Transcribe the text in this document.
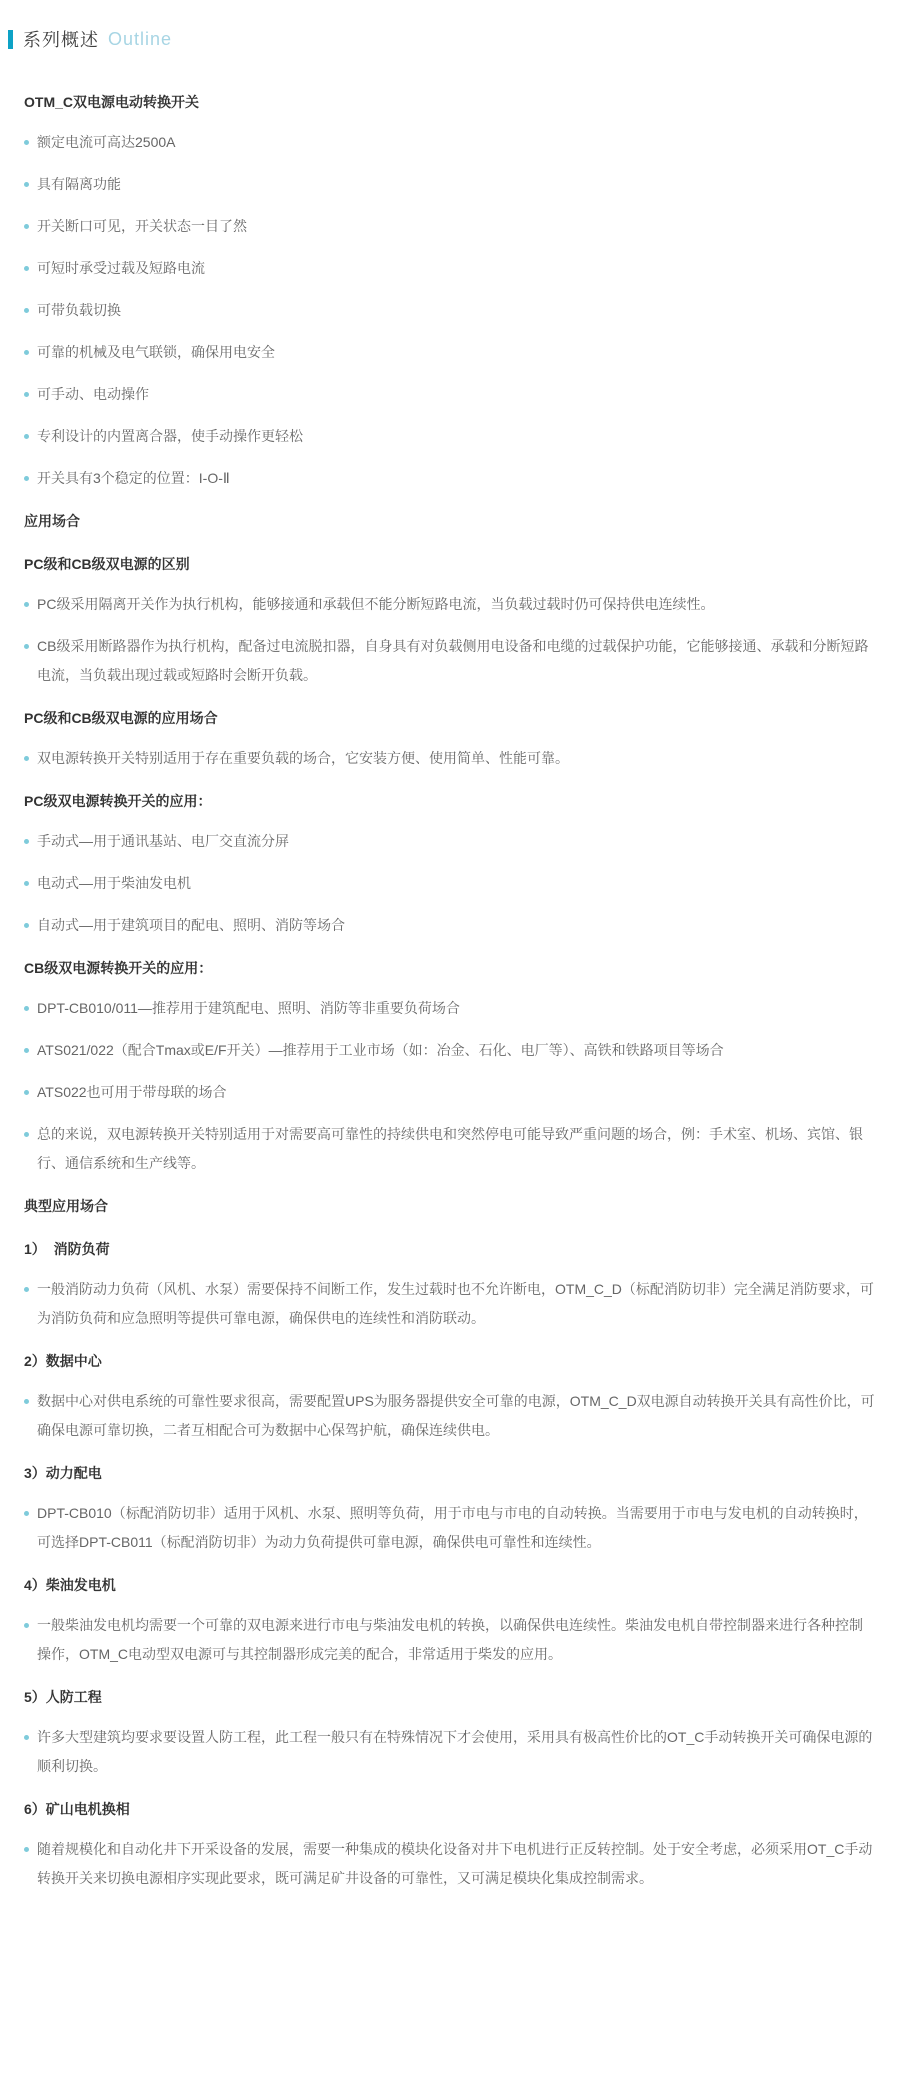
系列概述 Outline
OTM_C双电源电动转换开关
额定电流可高达2500A
具有隔离功能
开关断口可见，开关状态一目了然
可短时承受过载及短路电流
可带负载切换
可靠的机械及电气联锁，确保用电安全
可手动、电动操作
专利设计的内置离合器，使手动操作更轻松
开关具有3个稳定的位置：I-O-Ⅱ
应用场合
PC级和CB级双电源的区别
PC级采用隔离开关作为执行机构，能够接通和承载但不能分断短路电流，当负载过载时仍可保持供电连续性。
CB级采用断路器作为执行机构，配备过电流脱扣器，自身具有对负载侧用电设备和电缆的过载保护功能，它能够接通、承载和分断短路电流，当负载出现过载或短路时会断开负载。
PC级和CB级双电源的应用场合
双电源转换开关特别适用于存在重要负载的场合，它安装方便、使用简单、性能可靠。
PC级双电源转换开关的应用：
手动式—用于通讯基站、电厂交直流分屏
电动式—用于柴油发电机
自动式—用于建筑项目的配电、照明、消防等场合
CB级双电源转换开关的应用：
DPT-CB010/011—推荐用于建筑配电、照明、消防等非重要负荷场合
ATS021/022（配合Tmax或E/F开关）—推荐用于工业市场（如：冶金、石化、电厂等）、高铁和铁路项目等场合
ATS022也可用于带母联的场合
总的来说，双电源转换开关特别适用于对需要高可靠性的持续供电和突然停电可能导致严重问题的场合，例：手术室、机场、宾馆、银行、通信系统和生产线等。
典型应用场合
1）  消防负荷
一般消防动力负荷（风机、水泵）需要保持不间断工作，发生过载时也不允许断电，OTM_C_D（标配消防切非）完全满足消防要求，可为消防负荷和应急照明等提供可靠电源，确保供电的连续性和消防联动。
2）数据中心
数据中心对供电系统的可靠性要求很高，需要配置UPS为服务器提供安全可靠的电源，OTM_C_D双电源自动转换开关具有高性价比，可确保电源可靠切换，二者互相配合可为数据中心保驾护航，确保连续供电。
3）动力配电
DPT-CB010（标配消防切非）适用于风机、水泵、照明等负荷，用于市电与市电的自动转换。当需要用于市电与发电机的自动转换时，可选择DPT-CB011（标配消防切非）为动力负荷提供可靠电源，确保供电可靠性和连续性。
4）柴油发电机
一般柴油发电机均需要一个可靠的双电源来进行市电与柴油发电机的转换，以确保供电连续性。柴油发电机自带控制器来进行各种控制操作，OTM_C电动型双电源可与其控制器形成完美的配合，非常适用于柴发的应用。
5）人防工程
许多大型建筑均要求要设置人防工程，此工程一般只有在特殊情况下才会使用，采用具有极高性价比的OT_C手动转换开关可确保电源的顺利切换。
6）矿山电机换相
随着规模化和自动化井下开采设备的发展，需要一种集成的模块化设备对井下电机进行正反转控制。处于安全考虑，必须采用OT_C手动转换开关来切换电源相序实现此要求，既可满足矿井设备的可靠性，又可满足模块化集成控制需求。
